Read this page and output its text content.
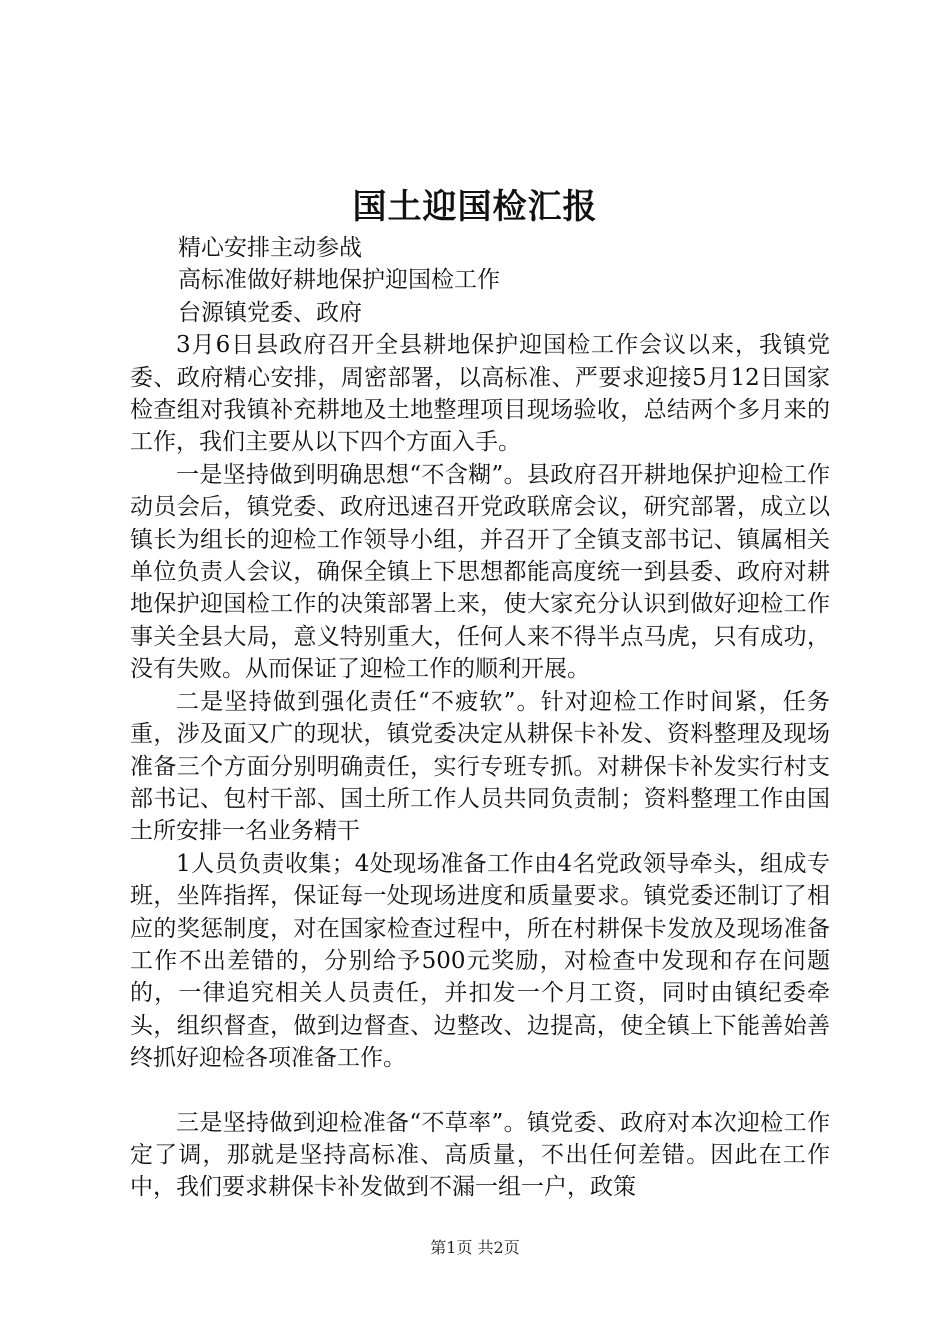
国土迎国检汇报

精心安排主动参战

高标准做好耕地保护迎国检工作

台源镇党委、政府

3月6日县政府召开全县耕地保护迎国检工作会议以来，我镇党委、政府精心安排，周密部署，以高标准、严要求迎接5月12日国家检查组对我镇补充耕地及土地整理项目现场验收，总结两个多月来的工作，我们主要从以下四个方面入手。

一是坚持做到明确思想“不含糊”。县政府召开耕地保护迎检工作动员会后，镇党委、政府迅速召开党政联席会议，研究部署，成立以镇长为组长的迎检工作领导小组，并召开了全镇支部书记、镇属相关单位负责人会议，确保全镇上下思想都能高度统一到县委、政府对耕地保护迎国检工作的决策部署上来，使大家充分认识到做好迎检工作事关全县大局，意义特别重大，任何人来不得半点马虎，只有成功，没有失败。从而保证了迎检工作的顺利开展。

二是坚持做到强化责任“不疲软”。针对迎检工作时间紧，任务重，涉及面又广的现状，镇党委决定从耕保卡补发、资料整理及现场准备三个方面分别明确责任，实行专班专抓。对耕保卡补发实行村支部书记、包村干部、国土所工作人员共同负责制；资料整理工作由国土所安排一名业务精干

1人员负责收集；4处现场准备工作由4名党政领导牵头，组成专班，坐阵指挥，保证每一处现场进度和质量要求。镇党委还制订了相应的奖惩制度，对在国家检查过程中，所在村耕保卡发放及现场准备工作不出差错的，分别给予500元奖励，对检查中发现和存在问题的，一律追究相关人员责任，并扣发一个月工资，同时由镇纪委牵头，组织督查，做到边督查、边整改、边提高，使全镇上下能善始善终抓好迎检各项准备工作。

三是坚持做到迎检准备“不草率”。镇党委、政府对本次迎检工作定了调，那就是坚持高标准、高质量，不出任何差错。因此在工作中，我们要求耕保卡补发做到不漏一组一户，政策

第1页 共2页
